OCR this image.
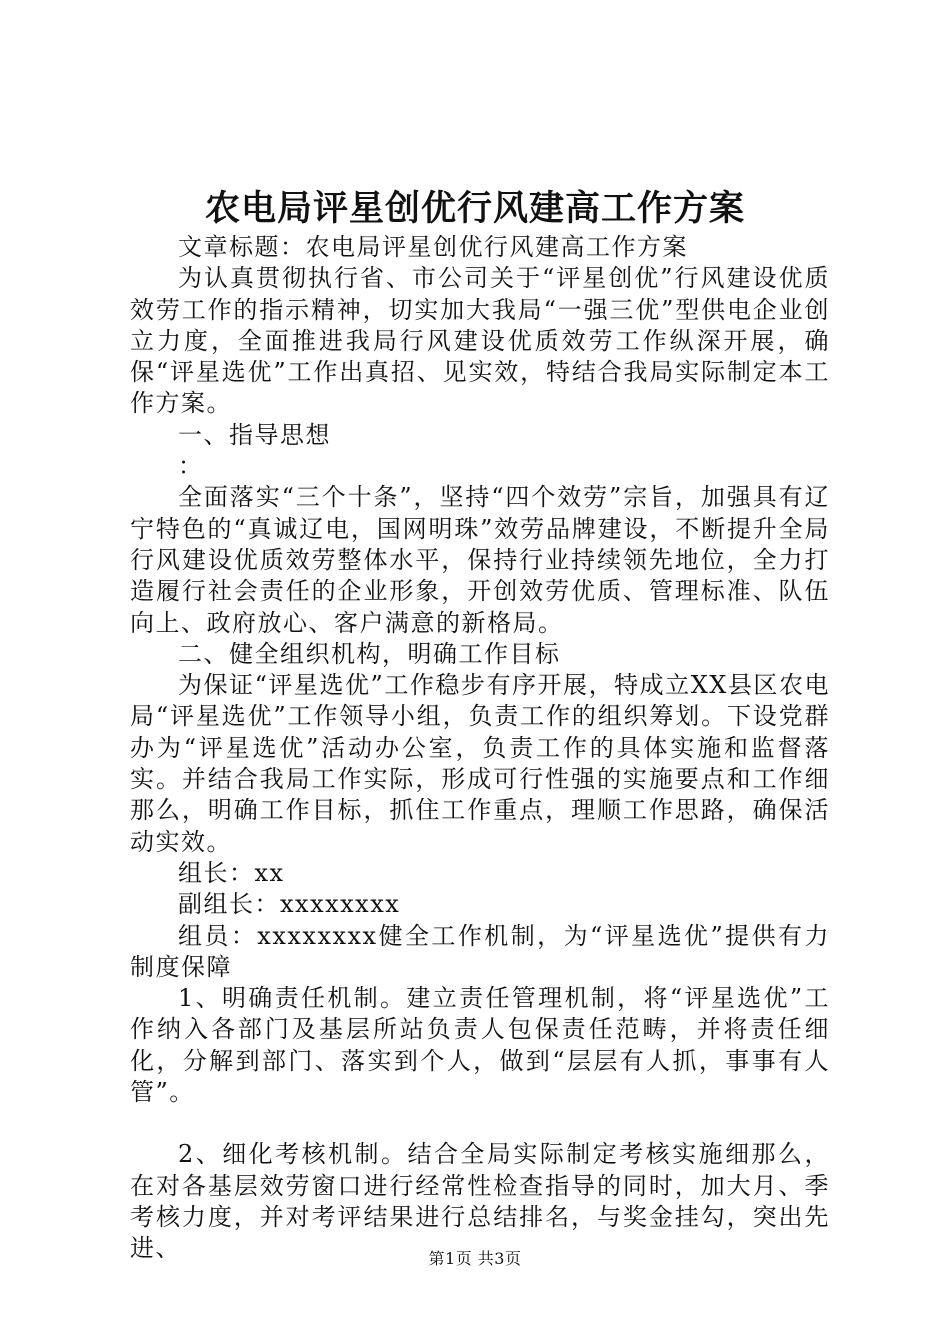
农电局评星创优行风建高工作方案

文章标题：农电局评星创优行风建高工作方案

为认真贯彻执行省、市公司关于“评星创优”行风建设优质效劳工作的指示精神，切实加大我局“一强三优”型供电企业创立力度，全面推进我局行风建设优质效劳工作纵深开展，确保“评星选优”工作出真招、见实效，特结合我局实际制定本工作方案。

一、指导思想

：

全面落实“三个十条”，坚持“四个效劳”宗旨，加强具有辽宁特色的“真诚辽电，国网明珠”效劳品牌建设，不断提升全局行风建设优质效劳整体水平，保持行业持续领先地位，全力打造履行社会责任的企业形象，开创效劳优质、管理标准、队伍向上、政府放心、客户满意的新格局。

二、健全组织机构，明确工作目标

为保证“评星选优”工作稳步有序开展，特成立XX县区农电局“评星选优”工作领导小组，负责工作的组织筹划。下设党群办为“评星选优”活动办公室，负责工作的具体实施和监督落实。并结合我局工作实际，形成可行性强的实施要点和工作细那么，明确工作目标，抓住工作重点，理顺工作思路，确保活动实效。

组长：xx

副组长：xxxxxxxx

组员：xxxxxxxx健全工作机制，为“评星选优”提供有力制度保障

1、明确责任机制。建立责任管理机制，将“评星选优”工作纳入各部门及基层所站负责人包保责任范畴，并将责任细化，分解到部门、落实到个人，做到“层层有人抓，事事有人管”。

2、细化考核机制。结合全局实际制定考核实施细那么，在对各基层效劳窗口进行经常性检查指导的同时，加大月、季考核力度，并对考评结果进行总结排名，与奖金挂勾，突出先进、	第1页 共3页
